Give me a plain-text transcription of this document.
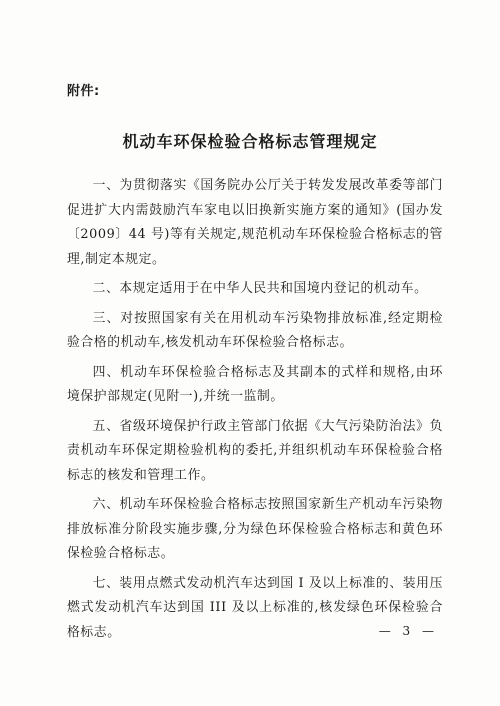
附件:
机动车环保检验合格标志管理规定

一、为贯彻落实《国务院办公厅关于转发发展改革委等部门促进扩大内需鼓励汽车家电以旧换新实施方案的通知》(国办发〔2009〕44 号)等有关规定,规范机动车环保检验合格标志的管理,制定本规定。

二、本规定适用于在中华人民共和国境内登记的机动车。

三、对按照国家有关在用机动车污染物排放标准,经定期检验合格的机动车,核发机动车环保检验合格标志。

四、机动车环保检验合格标志及其副本的式样和规格,由环境保护部规定(见附一),并统一监制。

五、省级环境保护行政主管部门依据《大气污染防治法》负责机动车环保定期检验机构的委托,并组织机动车环保检验合格标志的核发和管理工作。

六、机动车环保检验合格标志按照国家新生产机动车污染物排放标准分阶段实施步骤,分为绿色环保检验合格标志和黄色环保检验合格标志。

七、装用点燃式发动机汽车达到国 I 及以上标准的、装用压燃式发动机汽车达到国 III 及以上标准的,核发绿色环保检验合格标志。	— 3 —
